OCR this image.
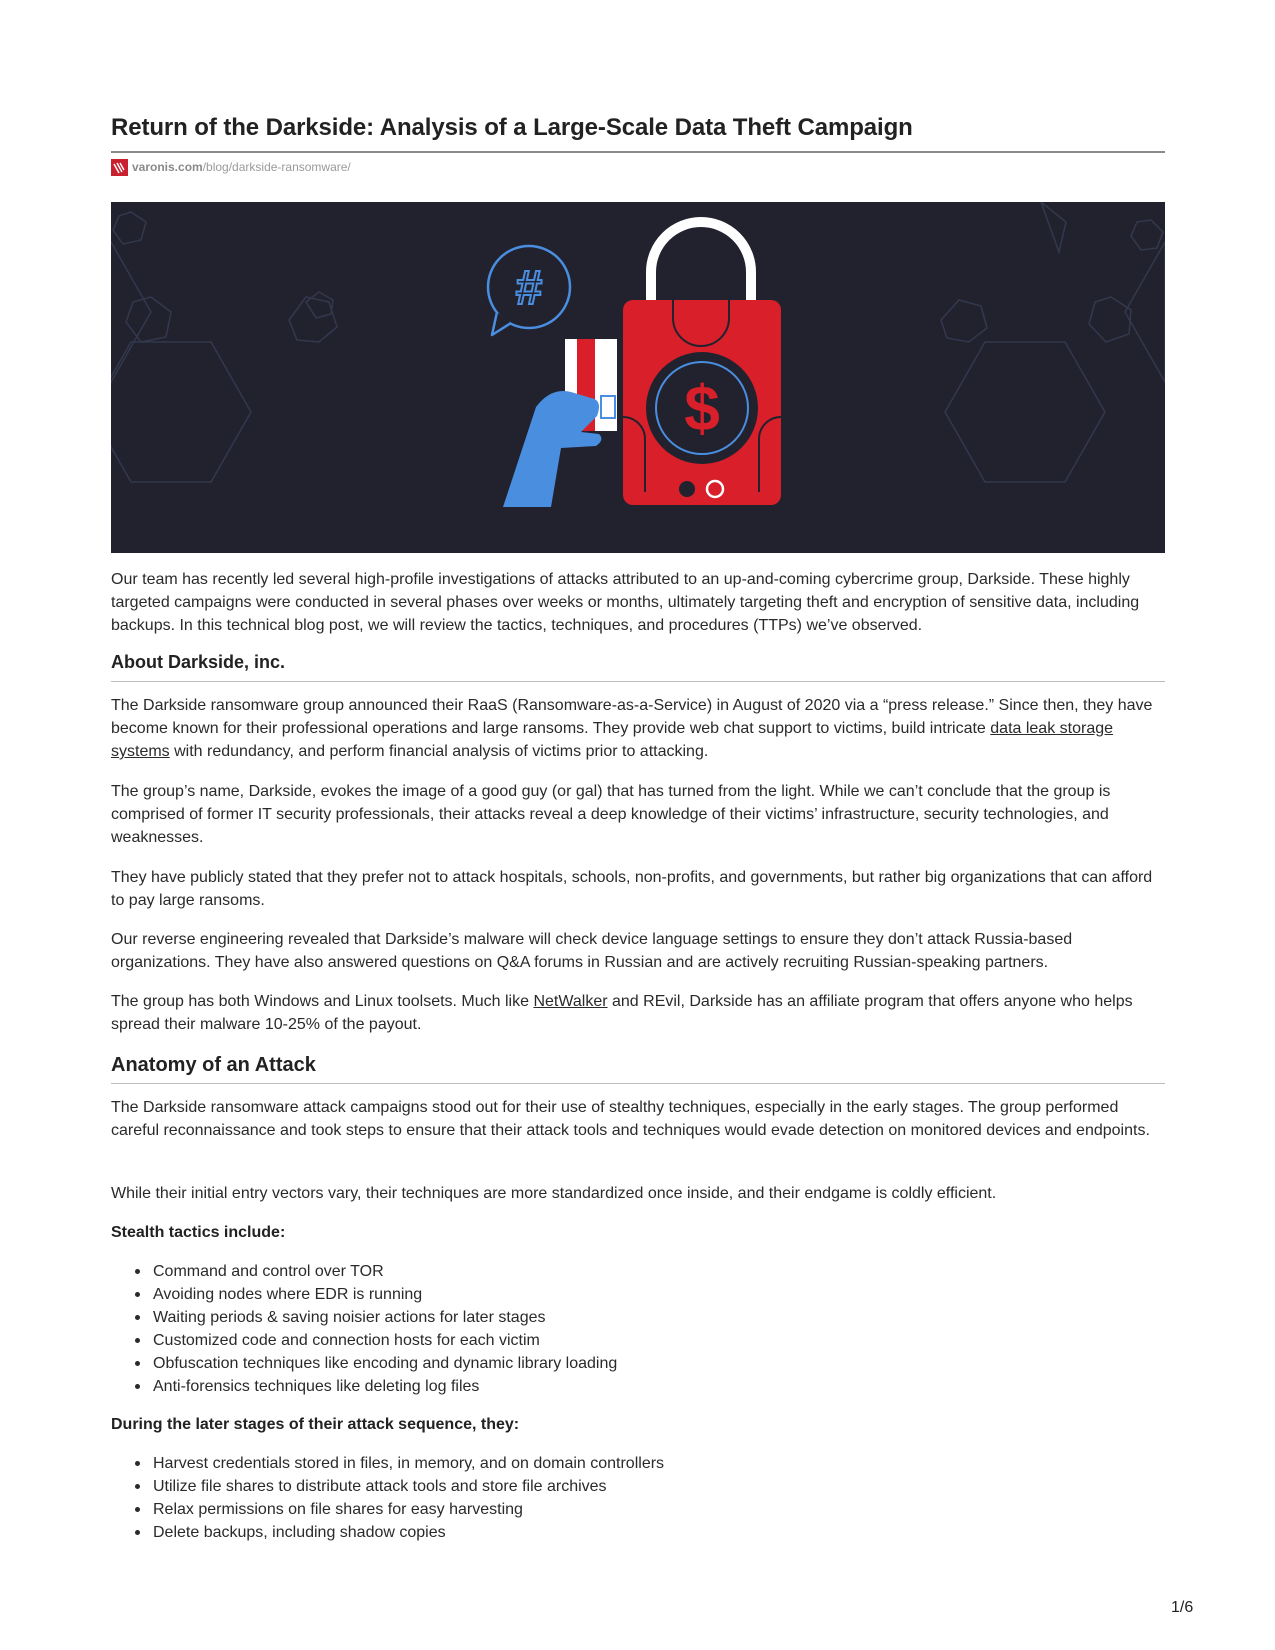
Return of the Darkside: Analysis of a Large-Scale Data Theft Campaign
varonis.com /blog/darkside-ransomware/
#
$

Our team has recently led several high-profile investigations of attacks attributed to an up-and-coming cybercrime group, Darkside. These highly targeted campaigns were conducted in several phases over weeks or months, ultimately targeting theft and encryption of sensitive data, including backups. In this technical blog post, we will review the tactics, techniques, and procedures (TTPs) we’ve observed.

About Darkside, inc.

The Darkside ransomware group announced their RaaS (Ransomware-as-a-Service) in August of 2020 via a “press release.” Since then, they have become known for their professional operations and large ransoms. They provide web chat support to victims, build intricate data leak storage systems with redundancy, and perform financial analysis of victims prior to attacking.

The group’s name, Darkside, evokes the image of a good guy (or gal) that has turned from the light. While we can’t conclude that the group is comprised of former IT security professionals, their attacks reveal a deep knowledge of their victims’ infrastructure, security technologies, and weaknesses.

They have publicly stated that they prefer not to attack hospitals, schools, non-profits, and governments, but rather big organizations that can afford to pay large ransoms.

Our reverse engineering revealed that Darkside’s malware will check device language settings to ensure they don’t attack Russia-based organizations. They have also answered questions on Q&A forums in Russian and are actively recruiting Russian-speaking partners.

The group has both Windows and Linux toolsets. Much like NetWalker and REvil, Darkside has an affiliate program that offers anyone who helps spread their malware 10-25% of the payout.

Anatomy of an Attack

The Darkside ransomware attack campaigns stood out for their use of stealthy techniques, especially in the early stages. The group performed careful reconnaissance and took steps to ensure that their attack tools and techniques would evade detection on monitored devices and endpoints.

While their initial entry vectors vary, their techniques are more standardized once inside, and their endgame is coldly efficient.

Stealth tactics include:

Command and control over TOR
Avoiding nodes where EDR is running
Waiting periods & saving noisier actions for later stages
Customized code and connection hosts for each victim
Obfuscation techniques like encoding and dynamic library loading
Anti-forensics techniques like deleting log files

During the later stages of their attack sequence, they:

Harvest credentials stored in files, in memory, and on domain controllers
Utilize file shares to distribute attack tools and store file archives
Relax permissions on file shares for easy harvesting
Delete backups, including shadow copies
1/6
